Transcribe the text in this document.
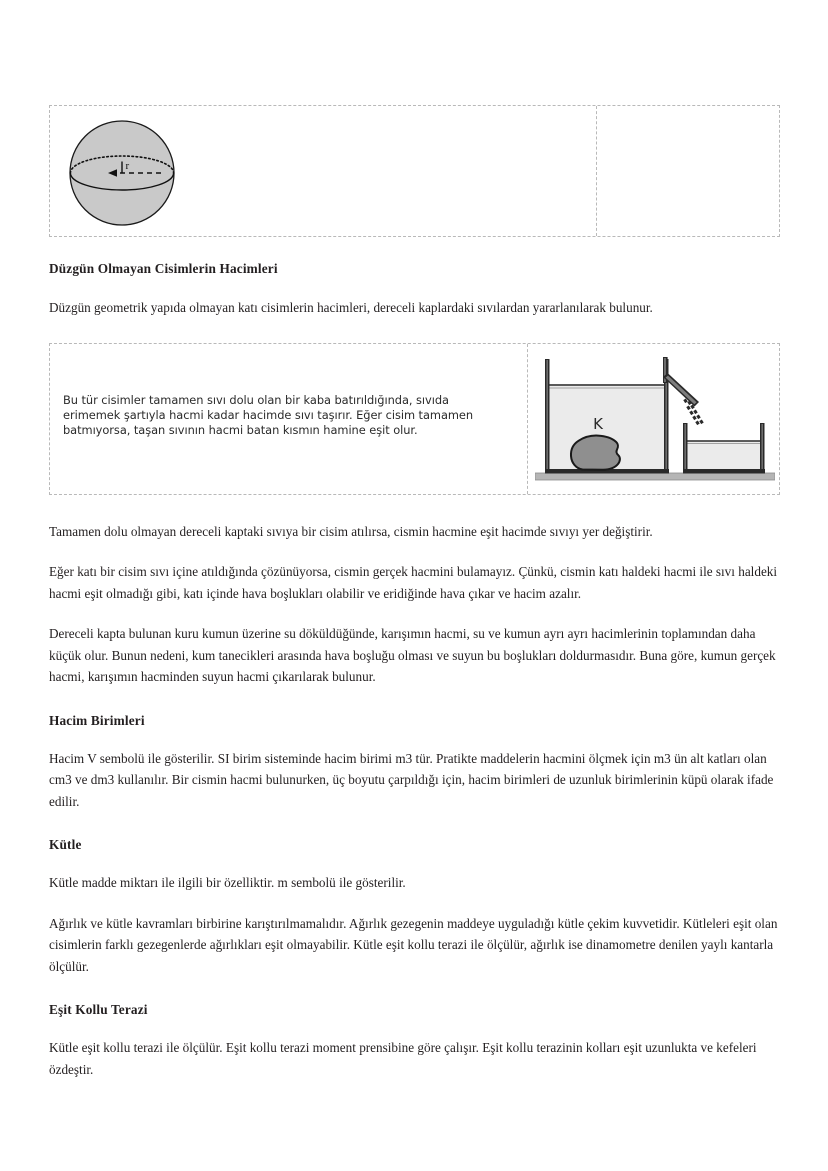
r
Düzgün Olmayan Cisimlerin Hacimleri

Düzgün geometrik yapıda olmayan katı cisimlerin hacimleri, dereceli kaplardaki sıvılardan yararlanılarak bulunur.

Bu tür cisimler tamamen sıvı dolu olan bir kaba batırıldığında, sıvıda erimemek şartıyla hacmi kadar hacimde sıvı taşırır. Eğer cisim tamamen batmıyorsa, taşan sıvının hacmi batan kısmın hamine eşit olur.	K

Tamamen dolu olmayan dereceli kaptaki sıvıya bir cisim atılırsa, cismin hacmine eşit hacimde sıvıyı yer değiştirir.

Eğer katı bir cisim sıvı içine atıldığında çözünüyorsa, cismin gerçek hacmini bulamayız. Çünkü, cismin katı haldeki hacmi ile sıvı haldeki hacmi eşit olmadığı gibi, katı içinde hava boşlukları olabilir ve eridiğinde hava çıkar ve hacim azalır.

Dereceli kapta bulunan kuru kumun üzerine su döküldüğünde, karışımın hacmi, su ve kumun ayrı ayrı hacimlerinin toplamından daha küçük olur. Bunun nedeni, kum tanecikleri arasında hava boşluğu olması ve suyun bu boşlukları doldurmasıdır. Buna göre, kumun gerçek hacmi, karışımın hacminden suyun hacmi çıkarılarak bulunur.

Hacim Birimleri

Hacim V sembolü ile gösterilir. SI birim sisteminde hacim birimi m3 tür. Pratikte maddelerin hacmini ölçmek için m3 ün alt katları olan cm3 ve dm3 kullanılır. Bir cismin hacmi bulunurken, üç boyutu çarpıldığı için, hacim birimleri de uzunluk birimlerinin küpü olarak ifade edilir.

Kütle

Kütle madde miktarı ile ilgili bir özelliktir. m sembolü ile gösterilir.

Ağırlık ve kütle kavramları birbirine karıştırılmamalıdır. Ağırlık gezegenin maddeye uyguladığı kütle çekim kuvvetidir. Kütleleri eşit olan cisimlerin farklı gezegenlerde ağırlıkları eşit olmayabilir. Kütle eşit kollu terazi ile ölçülür, ağırlık ise dinamometre denilen yaylı kantarla ölçülür.

Eşit Kollu Terazi

Kütle eşit kollu terazi ile ölçülür. Eşit kollu terazi moment prensibine göre çalışır. Eşit kollu terazinin kolları eşit uzunlukta ve kefeleri özdeştir.
